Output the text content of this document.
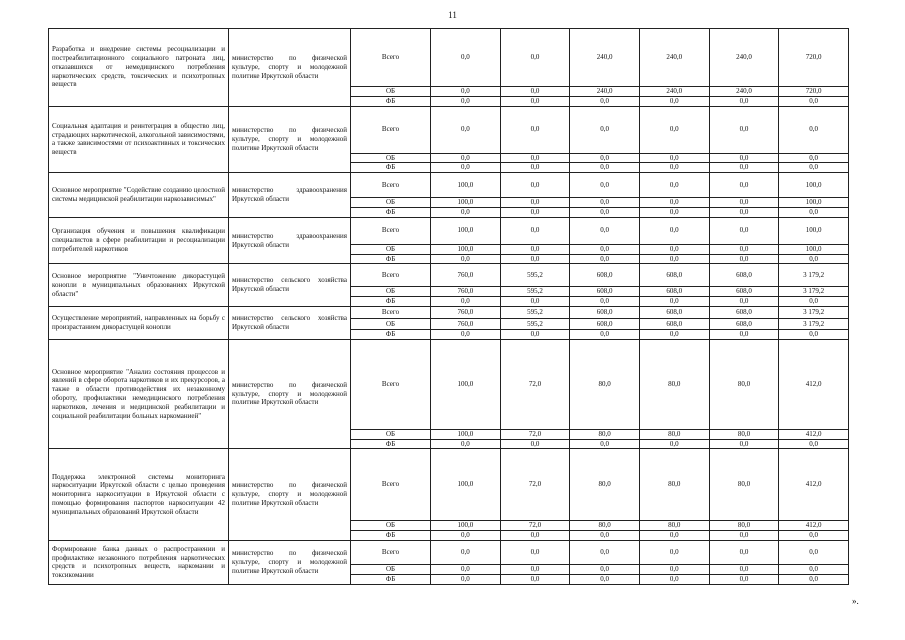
11
Разработка и внедрение системы ресоциализации и постреабилитационного социального патроната лиц, отказавшихся от немедицинского потребления наркотических средств, токсических и психотропных веществ	министерство по физической культуре, спорту и молодежной политике Иркутской области	Всего	0,0	0,0	240,0	240,0	240,0	720,0
		ОБ	0,0	0,0	240,0	240,0	240,0	720,0
		ФБ	0,0	0,0	0,0	0,0	0,0	0,0
Социальная адаптация и реинтеграция в общество лиц, страдающих наркотической, алкогольной зависимостями, а также зависимостями от психоактивных и токсических веществ	министерство по физической культуре, спорту и молодежной политике Иркутской области	Всего	0,0	0,0	0,0	0,0	0,0	0,0
		ОБ	0,0	0,0	0,0	0,0	0,0	0,0
		ФБ	0,0	0,0	0,0	0,0	0,0	0,0
Основное мероприятие "Содействие созданию целостной системы медицинской реабилитации наркозависимых"	министерство здравоохранения Иркутской области	Всего	100,0	0,0	0,0	0,0	0,0	100,0
		ОБ	100,0	0,0	0,0	0,0	0,0	100,0
		ФБ	0,0	0,0	0,0	0,0	0,0	0,0
Организация обучения и повышения квалификации специалистов в сфере реабилитации и ресоциализации потребителей наркотиков	министерство здравоохранения Иркутской области	Всего	100,0	0,0	0,0	0,0	0,0	100,0
		ОБ	100,0	0,0	0,0	0,0	0,0	100,0
		ФБ	0,0	0,0	0,0	0,0	0,0	0,0
Основное мероприятие "Уничтожение дикорастущей конопли в муниципальных образованиях Иркутской области"	министерство сельского хозяйства Иркутской области	Всего	760,0	595,2	608,0	608,0	608,0	3 179,2
		ОБ	760,0	595,2	608,0	608,0	608,0	3 179,2
		ФБ	0,0	0,0	0,0	0,0	0,0	0,0
Осуществление мероприятий, направленных на борьбу с произрастанием дикорастущей конопли	министерство сельского хозяйства Иркутской области	Всего	760,0	595,2	608,0	608,0	608,0	3 179,2
		ОБ	760,0	595,2	608,0	608,0	608,0	3 179,2
		ФБ	0,0	0,0	0,0	0,0	0,0	0,0
Основное мероприятие "Анализ состояния процессов и явлений в сфере оборота наркотиков и их прекурсоров, а также в области противодействия их незаконному обороту, профилактики немедицинского потребления наркотиков, лечения и медицинской реабилитации и социальной реабилитации больных наркоманией"	министерство по физической культуре, спорту и молодежной политике Иркутской области	Всего	100,0	72,0	80,0	80,0	80,0	412,0
		ОБ	100,0	72,0	80,0	80,0	80,0	412,0
		ФБ	0,0	0,0	0,0	0,0	0,0	0,0
Поддержка электронной системы мониторинга наркоситуации Иркутской области с целью проведения мониторинга наркоситуации в Иркутской области с помощью формирования паспортов наркоситуации 42 муниципальных образований Иркутской области	министерство по физической культуре, спорту и молодежной политике Иркутской области	Всего	100,0	72,0	80,0	80,0	80,0	412,0
		ОБ	100,0	72,0	80,0	80,0	80,0	412,0
		ФБ	0,0	0,0	0,0	0,0	0,0	0,0
Формирование банка данных о распространении и профилактике незаконного потребления наркотических средств и психотропных веществ, наркомании и токсикомании	министерство по физической культуре, спорту и молодежной политике Иркутской области	Всего	0,0	0,0	0,0	0,0	0,0	0,0
		ОБ	0,0	0,0	0,0	0,0	0,0	0,0
		ФБ	0,0	0,0	0,0	0,0	0,0	0,0
».
